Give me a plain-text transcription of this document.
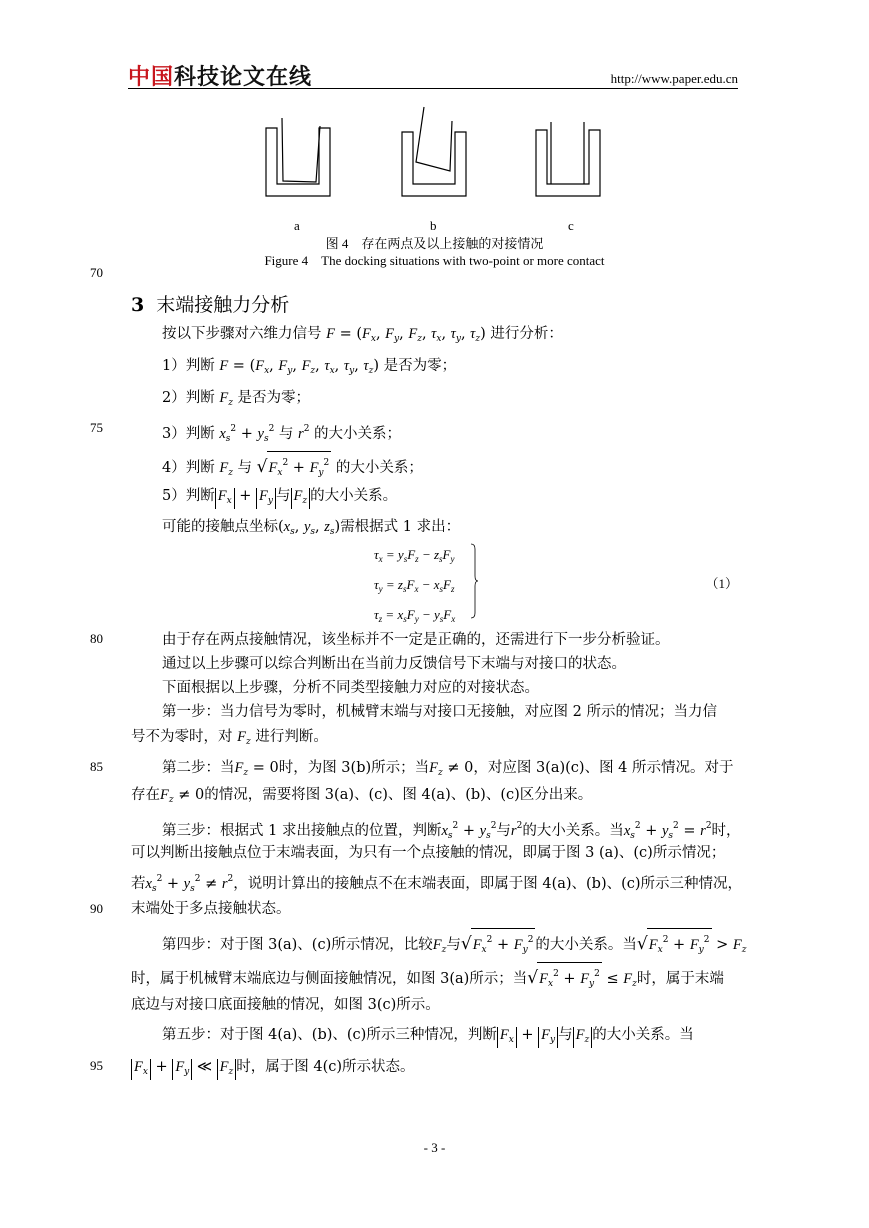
中国科技论文在线	http://www.paper.edu.cn
a	b	c
图 4　存在两点及以上接触的对接情况
Figure 4　The docking situations with two-point or more contact
70
75
80
85
90
95
3 末端接触力分析
按以下步骤对六维力信号 $F = (F_x$, $F_y$, $F_z$, $\tau_x$, $\tau_y$, $\tau_z$) 进行分析：
1）判断 $F = (F_x$, $F_y$, $F_z$, $\tau_x$, $\tau_y$, $\tau_z$) 是否为零；
2）判断 $F_z$ 是否为零；
3）判断 $x_s^2 + y_s^2$ 与 $r^2$ 的大小关系；
4）判断 $F_z$ 与 $√F_x^2 + F_y^2$ 的大小关系；
5）判断 $F_x + F_y$ 与 $F_z$ 的大小关系。
可能的接触点坐标($x_s$, $y_s$, $z_s$)需根据式 1 求出：
$\tau_x = y_sF_z - z_sF_y$
$\tau_y = z_sF_x - x_sF_z$
$\tau_z = x_sF_y - y_sF_x$
（1）
由于存在两点接触情况，该坐标并不一定是正确的，还需进行下一步分析验证。
通过以上步骤可以综合判断出在当前力反馈信号下末端与对接口的状态。
下面根据以上步骤，分析不同类型接触力对应的对接状态。
第一步：当力信号为零时，机械臂末端与对接口无接触，对应图 2 所示的情况；当力信
号不为零时，对 $F_z$ 进行判断。
第二步：当$F_z = 0$时，为图 3(b)所示；当$F_z \ne 0$，对应图 3(a)(c)、图 4 所示情况。对于
存在$F_z \ne 0$的情况，需要将图 3(a)、(c)、图 4(a)、(b)、(c)区分出来。
第三步：根据式 1 求出接触点的位置，判断$x_s^2 + y_s^2$与$r^2$的大小关系。当$x_s^2 + y_s^2 = r^2$时，
可以判断出接触点位于末端表面，为只有一个点接触的情况，即属于图 3 (a)、(c)所示情况；
若$x_s^2 + y_s^2 \ne r^2$，说明计算出的接触点不在末端表面，即属于图 4(a)、(b)、(c)所示三种情况，
末端处于多点接触状态。
第四步：对于图 3(a)、(c)所示情况，比较$F_z$与$√F_x^2 + F_y^2$ 的大小关系。当$√F_x^2 + F_y^2 > F_z$
时，属于机械臂末端底边与侧面接触情况，如图 3(a)所示；当$√F_x^2 + F_y^2 \le F_z$时，属于末端
底边与对接口底面接触的情况，如图 3(c)所示。
第五步：对于图 4(a)、(b)、(c)所示三种情况，判断 $F_x + F_y$ 与 $F_z$ 的大小关系。当
$F_x + F_y$ ≪ $F_z$ 时，属于图 4(c)所示状态。
- 3 -
